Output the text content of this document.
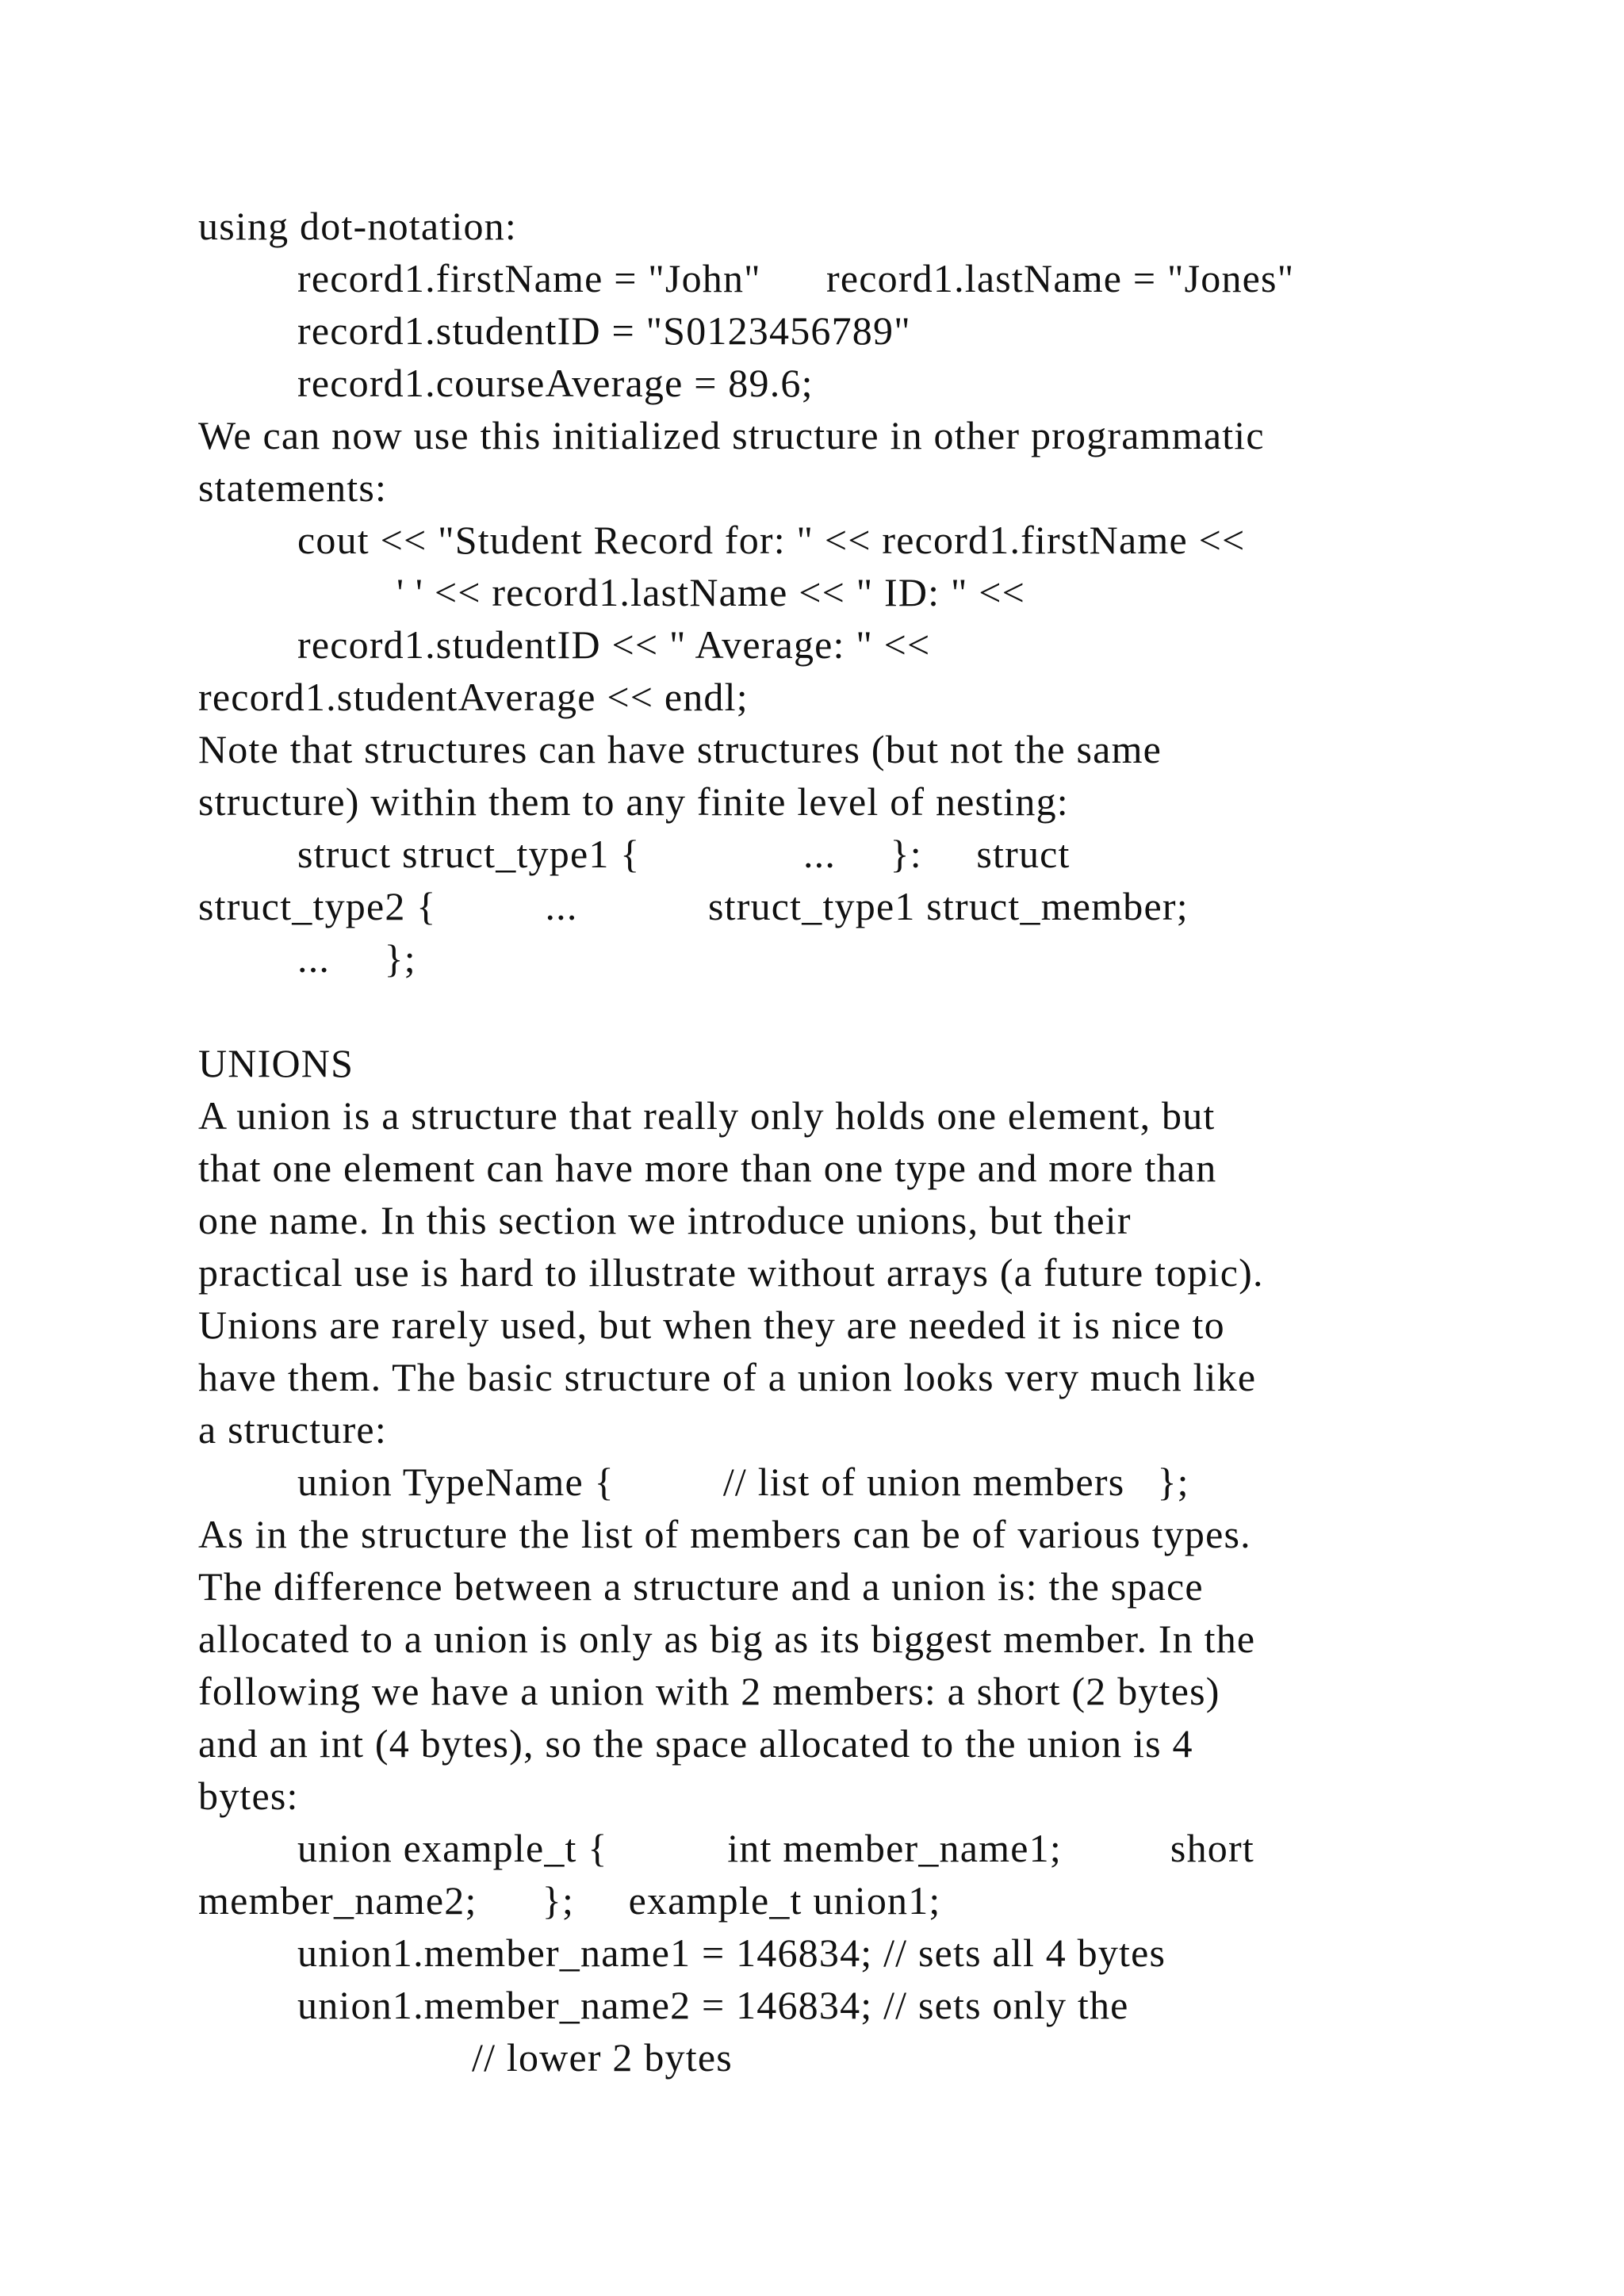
using dot-notation:
record1.firstName = "John"      record1.lastName = "Jones"
record1.studentID = "S0123456789"
record1.courseAverage = 89.6;
We can now use this initialized structure in other programmatic
statements:
cout << "Student Record for: " << record1.firstName <<
' ' << record1.lastName << " ID: " <<
record1.studentID << " Average: " <<
record1.studentAverage << endl;
Note that structures can have structures (but not the same
structure) within them to any finite level of nesting:
struct struct_type1 {               ...     }:     struct
struct_type2 {          ...            struct_type1 struct_member;
...     };
UNIONS
A union is a structure that really only holds one element, but
that one element can have more than one type and more than
one name. In this section we introduce unions, but their
practical use is hard to illustrate without arrays (a future topic).
Unions are rarely used, but when they are needed it is nice to
have them. The basic structure of a union looks very much like
a structure:
union TypeName {          // list of union members   };
As in the structure the list of members can be of various types.
The difference between a structure and a union is: the space
allocated to a union is only as big as its biggest member. In the
following we have a union with 2 members: a short (2 bytes)
and an int (4 bytes), so the space allocated to the union is 4
bytes:
union example_t {           int member_name1;          short
member_name2;      };     example_t union1;
union1.member_name1 = 146834; // sets all 4 bytes
union1.member_name2 = 146834; // sets only the
// lower 2 bytes
